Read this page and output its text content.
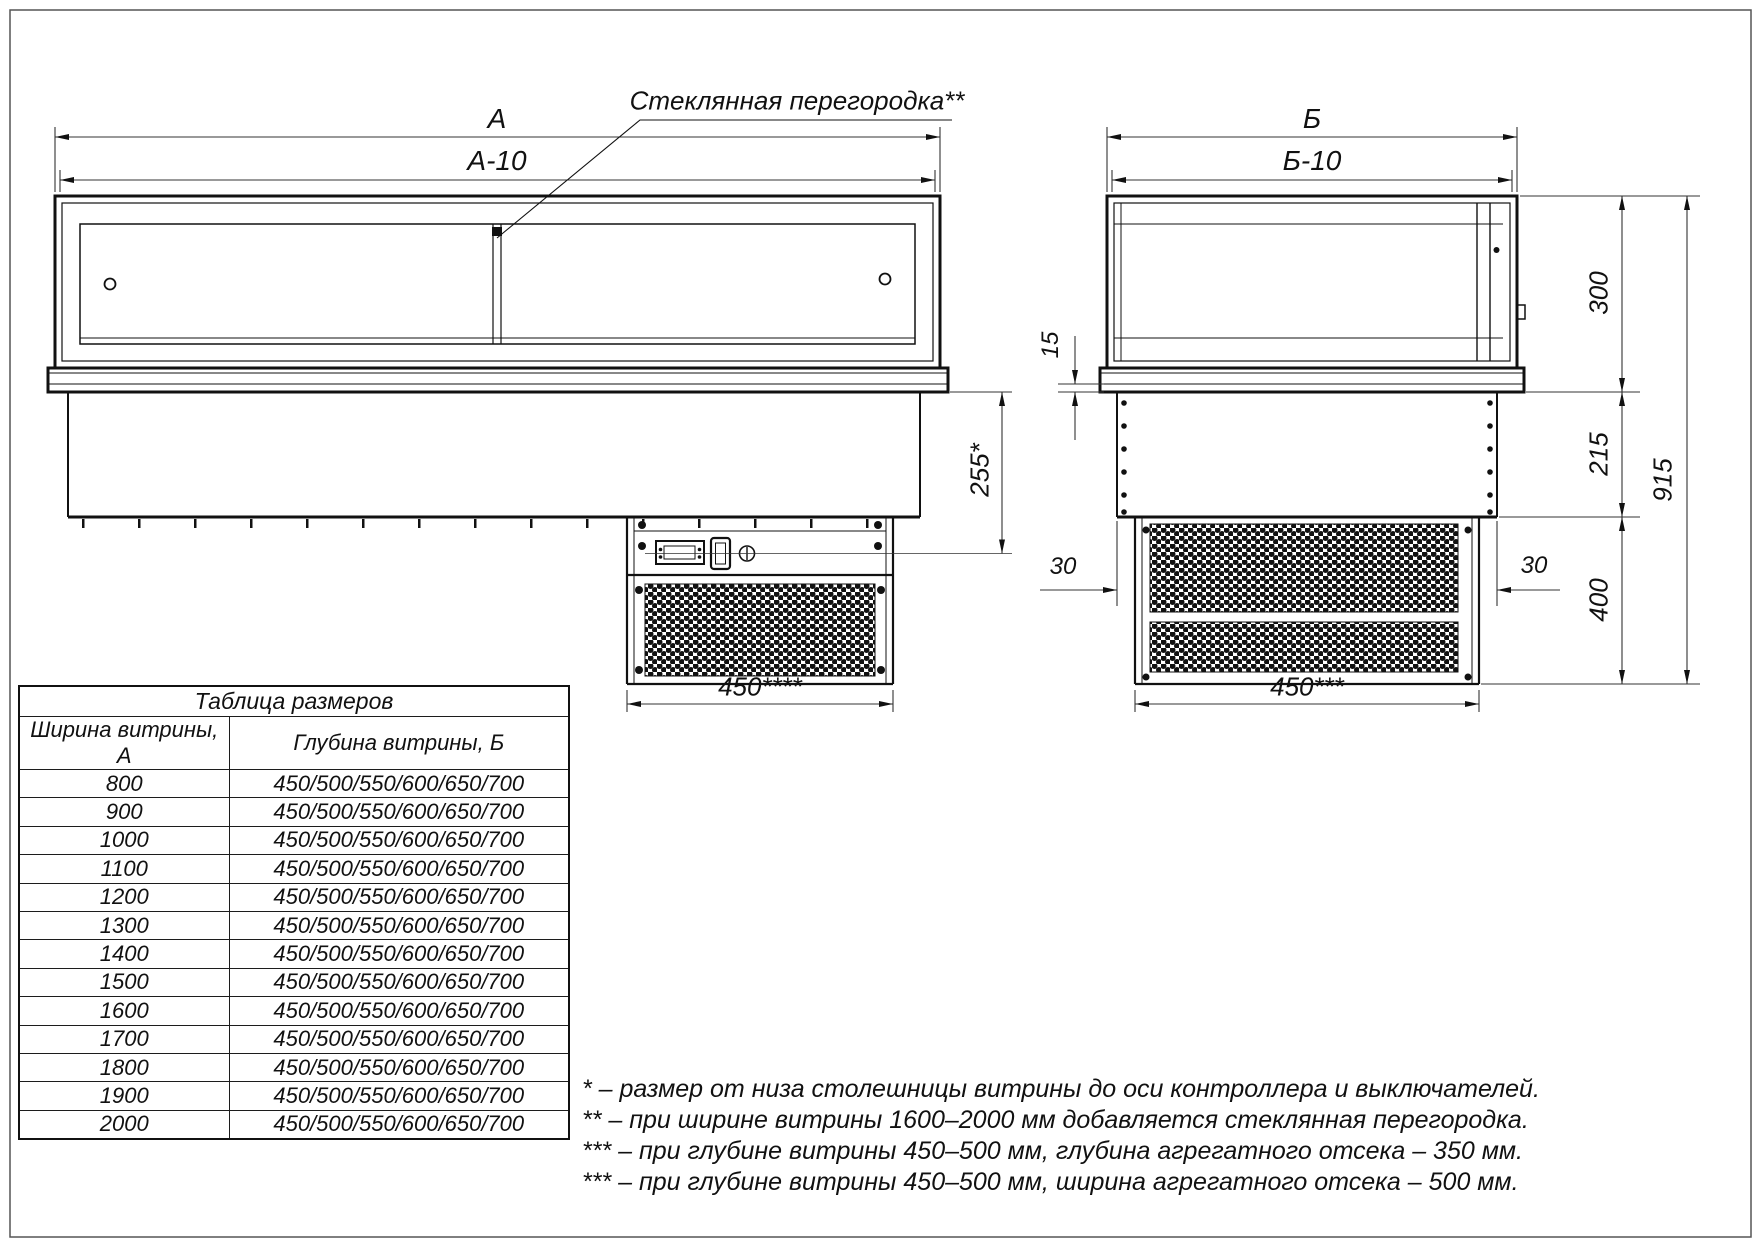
Стеклянная перегородка**
А
А-10
Б
Б-10
255*
15
30	30
300
215
915
400
450****	450***
Таблица размеров	
Ширина витрины, А	Глубина витрины, Б
800	450/500/550/600/650/700
900	450/500/550/600/650/700
1000	450/500/550/600/650/700
1100	450/500/550/600/650/700
1200	450/500/550/600/650/700
1300	450/500/550/600/650/700
1400	450/500/550/600/650/700
1500	450/500/550/600/650/700
1600	450/500/550/600/650/700
1700	450/500/550/600/650/700
1800	450/500/550/600/650/700
1900	450/500/550/600/650/700
2000	450/500/550/600/650/700
* – размер от низа столешницы витрины до оси контроллера и выключателей.
** – при ширине витрины 1600–2000 мм добавляется стеклянная перегородка.
*** – при глубине витрины 450–500 мм, глубина агрегатного отсека – 350 мм.
*** – при глубине витрины 450–500 мм, ширина агрегатного отсека – 500 мм.
